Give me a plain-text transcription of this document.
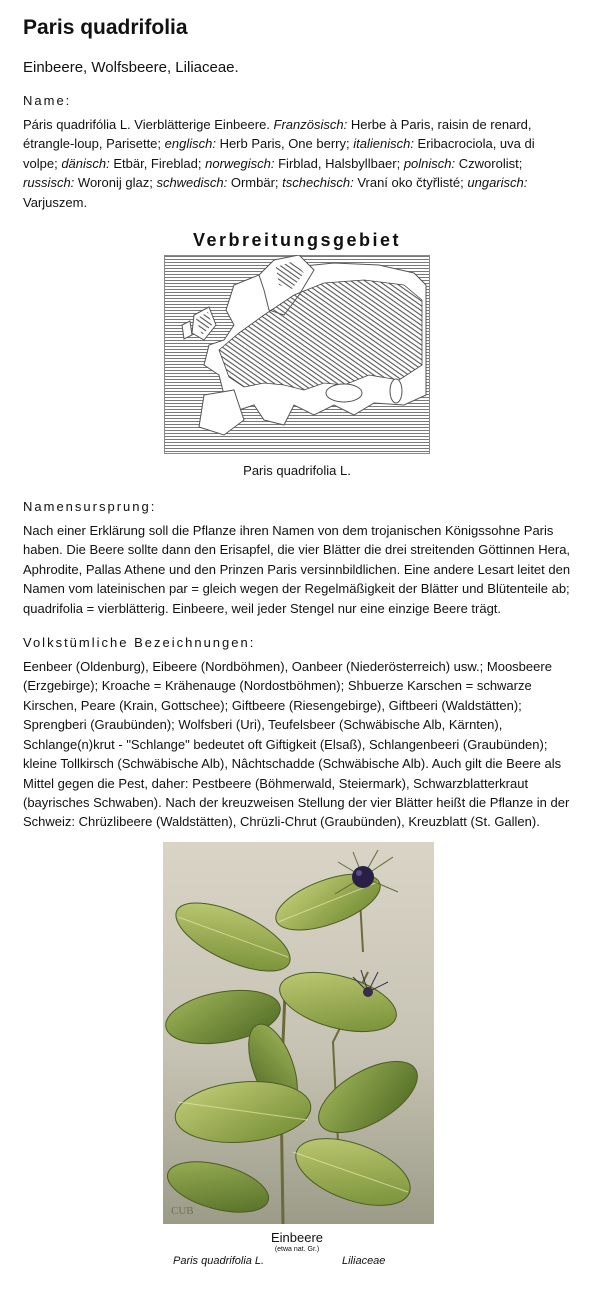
Paris quadrifolia
Einbeere, Wolfsbeere, Liliaceae.
Name:
Páris quadrifólia L. Vierblätterige Einbeere. Französisch: Herbe à Paris, raisin de renard, étrangle-loup, Parisette; englisch: Herb Paris, One berry; italienisch: Eribacrociola, uva di volpe; dänisch: Etbär, Fireblad; norwegisch: Firblad, Halsbyllbaer; polnisch: Czworolist; russisch: Woronij glaz; schwedisch: Ormbär; tschechisch: Vraní oko čtyřlisté; ungarisch: Varjuszem.
Verbreitungsgebiet
Paris quadrifolia L.
Namensursprung:
Nach einer Erklärung soll die Pflanze ihren Namen von dem trojanischen Königssohne Paris haben. Die Beere sollte dann den Erisapfel, die vier Blätter die drei streitenden Göttinnen Hera, Aphrodite, Pallas Athene und den Prinzen Paris versinnbildlichen. Eine andere Lesart leitet den Namen vom lateinischen par = gleich wegen der Regelmäßigkeit der Blätter und Blütenteile ab; quadrifolia = vierblätterig. Einbeere, weil jeder Stengel nur eine einzige Beere trägt.
Volkstümliche Bezeichnungen:
Eenbeer (Oldenburg), Eibeere (Nordböhmen), Oanbeer (Niederösterreich) usw.; Moosbeere (Erzgebirge); Kroache = Krähenauge (Nordostböhmen); Shbuerze Karschen = schwarze Kirschen, Peare (Krain, Gottschee); Giftbeere (Riesengebirge), Giftbeeri (Waldstätten); Sprengberi (Graubünden); Wolfsberi (Uri), Teufelsbeer (Schwäbische Alb, Kärnten), Schlange(n)krut - "Schlange" bedeutet oft Giftigkeit (Elsaß), Schlangenbeeri (Graubünden); kleine Tollkirsch (Schwäbische Alb), Nâchtschadde (Schwäbische Alb). Auch gilt die Beere als Mittel gegen die Pest, daher: Pestbeere (Böhmerwald, Steiermark), Schwarzblatterkraut (bayrisches Schwaben). Nach der kreuzweisen Stellung der vier Blätter heißt die Pflanze in der Schweiz: Chrüzlibeere (Waldstätten), Chrüzli-Chrut (Graubünden), Kreuzblatt (St. Gallen).
CUB
Einbeere
(etwa nat. Gr.)
Paris quadrifolia L.	Liliaceae
